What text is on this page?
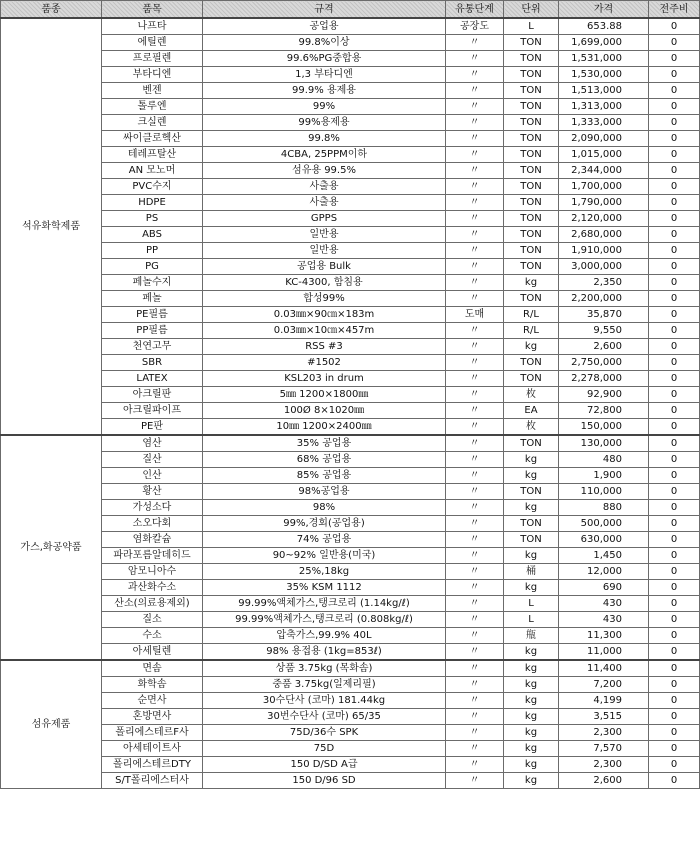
품종	품목	규격	유통단계	단위	가격	전주비
석유화학제품	나프타	공업용	공장도	L	653.88	0
	에틸렌	99.8%이상	〃	TON	1,699,000	0
	프로필렌	99.6%PG중합용	〃	TON	1,531,000	0
	부타디엔	1,3 부타디엔	〃	TON	1,530,000	0
	벤젠	99.9% 용제용	〃	TON	1,513,000	0
	톨루엔	99%	〃	TON	1,313,000	0
	크실렌	99%용제용	〃	TON	1,333,000	0
	싸이클로헥산	99.8%	〃	TON	2,090,000	0
	테레프탈산	4CBA, 25PPM이하	〃	TON	1,015,000	0
	AN 모노머	섬유용 99.5%	〃	TON	2,344,000	0
	PVC수지	사출용	〃	TON	1,700,000	0
	HDPE	사출용	〃	TON	1,790,000	0
	PS	GPPS	〃	TON	2,120,000	0
	ABS	일반용	〃	TON	2,680,000	0
	PP	일반용	〃	TON	1,910,000	0
	PG	공업용 Bulk	〃	TON	3,000,000	0
	페놀수지	KC-4300, 함침용	〃	kg	2,350	0
	페놀	합성99%	〃	TON	2,200,000	0
	PE필름	0.03㎜×90㎝×183m	도매	R/L	35,870	0
	PP필름	0.03㎜×10㎝×457m	〃	R/L	9,550	0
	천연고무	RSS #3	〃	kg	2,600	0
	SBR	#1502	〃	TON	2,750,000	0
	LATEX	KSL203 in drum	〃	TON	2,278,000	0
	아크릴판	5㎜ 1200×1800㎜	〃	枚	92,900	0
	아크릴파이프	100Ø 8×1020㎜	〃	EA	72,800	0
	PE판	10㎜ 1200×2400㎜	〃	枚	150,000	0
가스,화공약품	염산	35% 공업용	〃	TON	130,000	0
	질산	68% 공업용	〃	kg	480	0
	인산	85% 공업용	〃	kg	1,900	0
	황산	98%공업용	〃	TON	110,000	0
	가성소다	98%	〃	kg	880	0
	소오다회	99%,경회(공업용)	〃	TON	500,000	0
	염화칼슘	74% 공업용	〃	TON	630,000	0
	파라포름알데히드	90~92% 일반용(미국)	〃	kg	1,450	0
	암모니아수	25%,18kg	〃	桶	12,000	0
	과산화수소	35% KSM 1112	〃	kg	690	0
	산소(의료용제외)	99.99%액체가스,탱크로리 (1.14kg/ℓ)	〃	L	430	0
	질소	99.99%액체가스,탱크로리 (0.808kg/ℓ)	〃	L	430	0
	수소	압축가스,99.9% 40L	〃	甁	11,300	0
	아세틸렌	98% 용접용 (1kg=853ℓ)	〃	kg	11,000	0
섬유제품	면솜	상품 3.75kg (목화솜)	〃	kg	11,400	0
	화학솜	중품 3.75kg(일제리필)	〃	kg	7,200	0
	순면사	30수단사 (코마) 181.44kg	〃	kg	4,199	0
	혼방면사	30번수단사 (코마) 65/35	〃	kg	3,515	0
	폴리에스테르F사	75D/36수 SPK	〃	kg	2,300	0
	아세테이트사	75D	〃	kg	7,570	0
	폴리에스테르DTY	150 D/SD A급	〃	kg	2,300	0
	S/T폴리에스터사	150 D/96 SD	〃	kg	2,600	0
